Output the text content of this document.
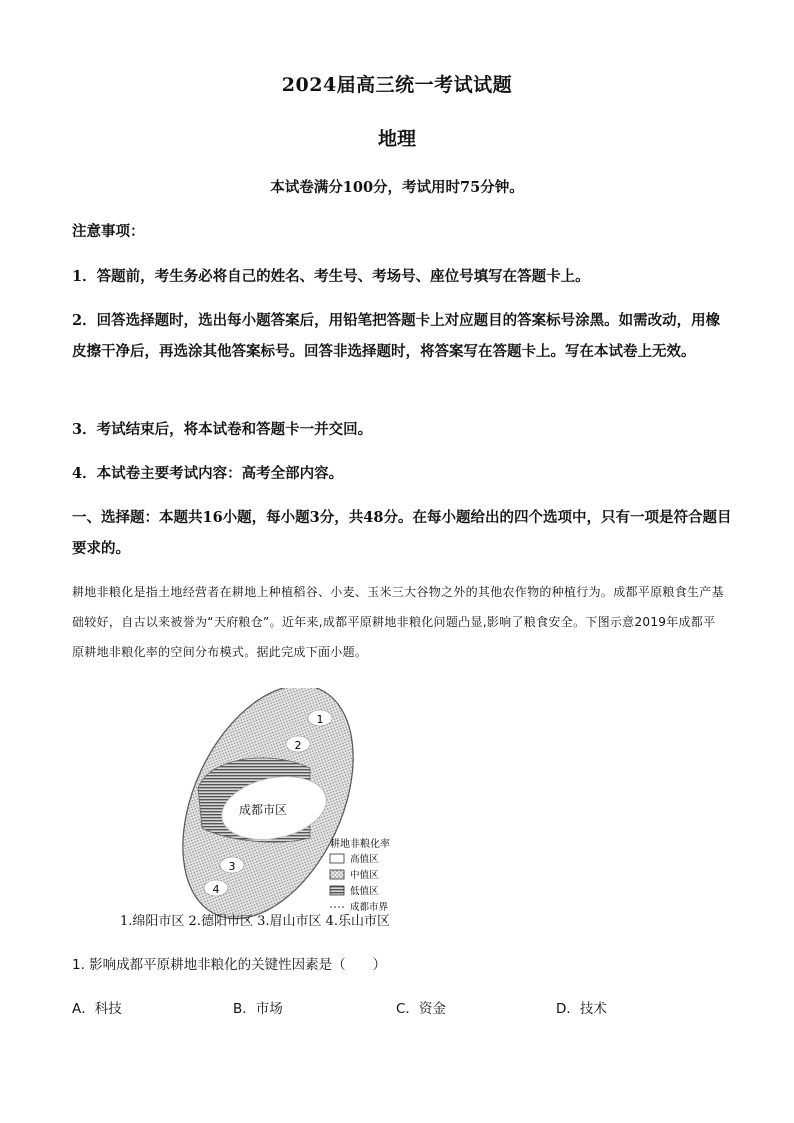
2024届高三统一考试试题
地理
本试卷满分100分，考试用时75分钟。
注意事项：
1．答题前，考生务必将自己的姓名、考生号、考场号、座位号填写在答题卡上。
2．回答选择题时，选出每小题答案后，用铅笔把答题卡上对应题目的答案标号涂黑。如需改动，用橡皮擦干净后，再选涂其他答案标号。回答非选择题时，将答案写在答题卡上。写在本试卷上无效。
3．考试结束后，将本试卷和答题卡一并交回。
4．本试卷主要考试内容：高考全部内容。
一、选择题：本题共16小题，每小题3分，共48分。在每小题给出的四个选项中，只有一项是符合题目要求的。
耕地非粮化是指土地经营者在耕地上种植稻谷、小麦、玉米三大谷物之外的其他农作物的种植行为。成都平原粮食生产基础较好，自古以来被誉为“天府粮仓”。近年来,成都平原耕地非粮化问题凸显,影响了粮食安全。下图示意2019年成都平原耕地非粮化率的空间分布模式。据此完成下面小题。
成都市区
1
2
3
4
耕地非粮化率
高值区
中值区
低值区
成都市界
1.绵阳市区 2.德阳市区 3.眉山市区 4.乐山市区
1. 影响成都平原耕地非粮化的关键性因素是（　　）
A．科技	B．市场	C．资金	D．技术
